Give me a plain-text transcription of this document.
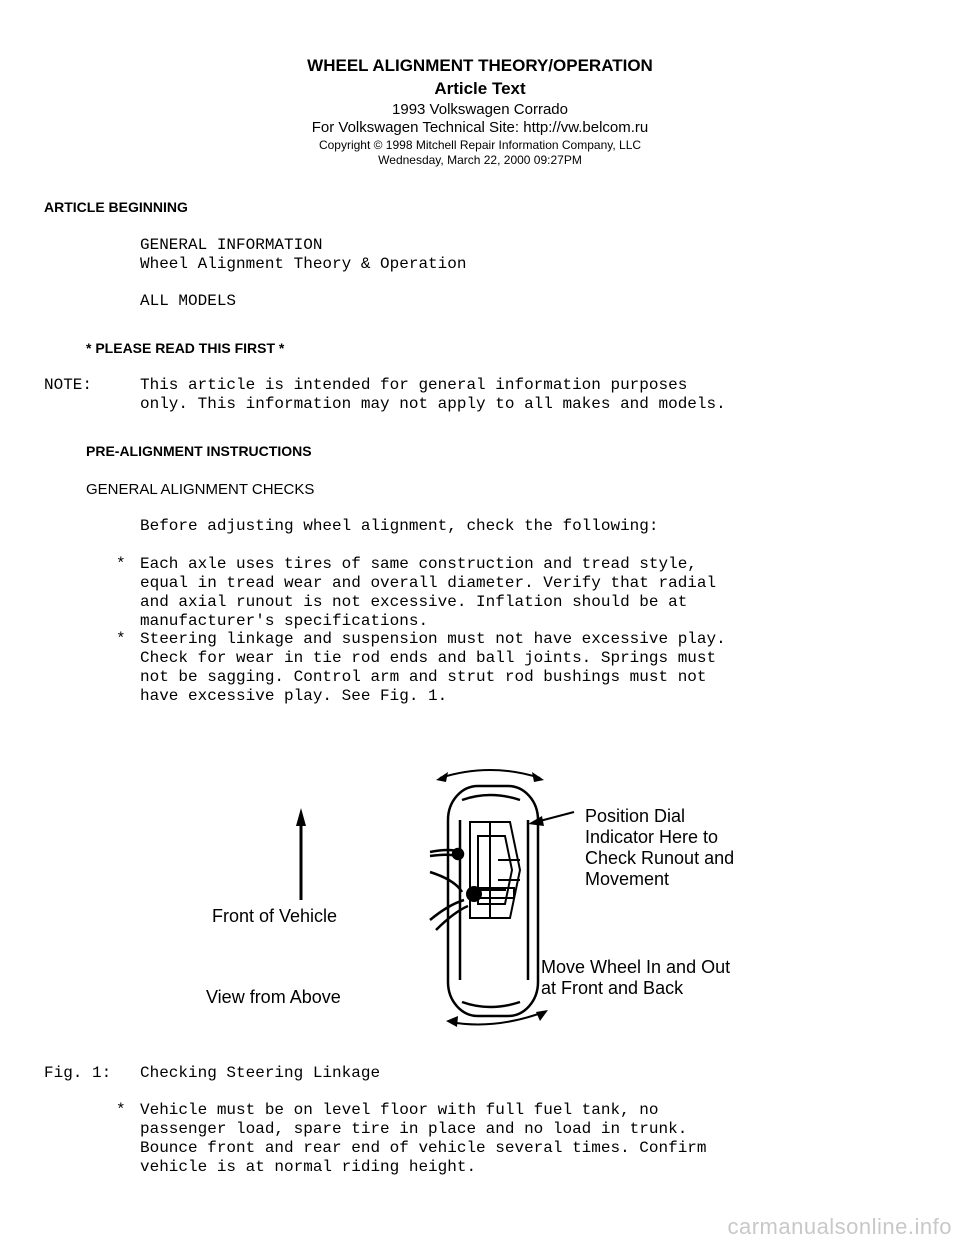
WHEEL ALIGNMENT THEORY/OPERATION
Article Text
1993 Volkswagen Corrado
For Volkswagen Technical Site: http://vw.belcom.ru
Copyright © 1998 Mitchell Repair Information Company, LLC
Wednesday, March 22, 2000 09:27PM
ARTICLE BEGINNING
GENERAL INFORMATION
Wheel Alignment Theory & Operation
ALL MODELS
* PLEASE READ THIS FIRST *
NOTE:	This article is intended for general information purposes
only. This information may not apply to all makes and models.
PRE-ALIGNMENT INSTRUCTIONS
GENERAL ALIGNMENT CHECKS
Before adjusting wheel alignment, check the following:
* Each axle uses tires of same construction and tread style,
equal in tread wear and overall diameter. Verify that radial
and axial runout is not excessive. Inflation should be at
manufacturer's specifications.
* Steering linkage and suspension must not have excessive play.
Check for wear in tie rod ends and ball joints. Springs must
not be sagging. Control arm and strut rod bushings must not
have excessive play. See Fig. 1.
Front of Vehicle
View from Above
Position Dial
Indicator Here to
Check Runout and
Movement
Move Wheel In and Out
at Front and Back
Fig. 1: Checking Steering Linkage
* Vehicle must be on level floor with full fuel tank, no
passenger load, spare tire in place and no load in trunk.
Bounce front and rear end of vehicle several times. Confirm
vehicle is at normal riding height.
carmanualsonline.info
